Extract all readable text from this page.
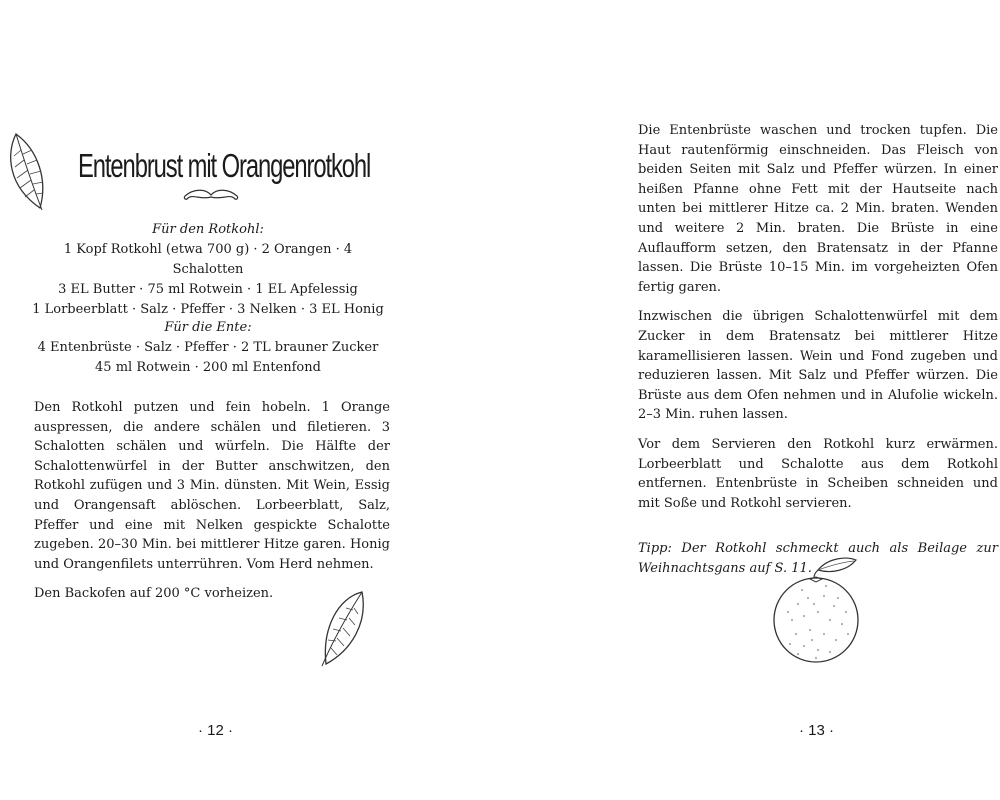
Entenbrust mit Orangenrotkohl
Für den Rotkohl:
1 Kopf Rotkohl (etwa 700 g) · 2 Orangen · 4 Schalotten
3 EL Butter · 75 ml Rotwein · 1 EL Apfelessig
1 Lorbeerblatt · Salz · Pfeffer · 3 Nelken · 3 EL Honig
Für die Ente:
4 Entenbrüste · Salz · Pfeffer · 2 TL brauner Zucker
45 ml Rotwein · 200 ml Entenfond

Den Rotkohl putzen und fein hobeln. 1 Orange auspressen, die andere schälen und filetieren. 3 Schalotten schälen und würfeln. Die Hälfte der Schalottenwürfel in der Butter anschwitzen, den Rotkohl zufügen und 3 Min. dünsten. Mit Wein, Essig und Orangensaft ablöschen. Lorbeerblatt, Salz, Pfeffer und eine mit Nelken gespickte Schalotte zugeben. 20–30 Min. bei mittlerer Hitze garen. Honig und Orangenfilets unterrühren. Vom Herd nehmen.

Den Backofen auf 200 °C vorheizen.

· 12 ·

Die Entenbrüste waschen und trocken tupfen. Die Haut rautenförmig einschneiden. Das Fleisch von beiden Seiten mit Salz und Pfeffer würzen. In einer heißen Pfanne ohne Fett mit der Hautseite nach unten bei mittlerer Hitze ca. 2 Min. braten. Wenden und weitere 2 Min. braten. Die Brüste in eine Auflaufform setzen, den Bratensatz in der Pfanne lassen. Die Brüste 10–15 Min. im vorgeheizten Ofen fertig garen.

Inzwischen die übrigen Schalottenwürfel mit dem Zucker in dem Bratensatz bei mittlerer Hitze karamellisieren lassen. Wein und Fond zugeben und reduzieren lassen. Mit Salz und Pfeffer würzen. Die Brüste aus dem Ofen nehmen und in Alufolie wickeln. 2–3 Min. ruhen lassen.

Vor dem Servieren den Rotkohl kurz erwärmen. Lorbeerblatt und Schalotte aus dem Rotkohl entfernen. Entenbrüste in Scheiben schneiden und mit Soße und Rotkohl servieren.

Tipp: Der Rotkohl schmeckt auch als Beilage zur Weihnachtsgans auf S. 11.

· 13 ·
